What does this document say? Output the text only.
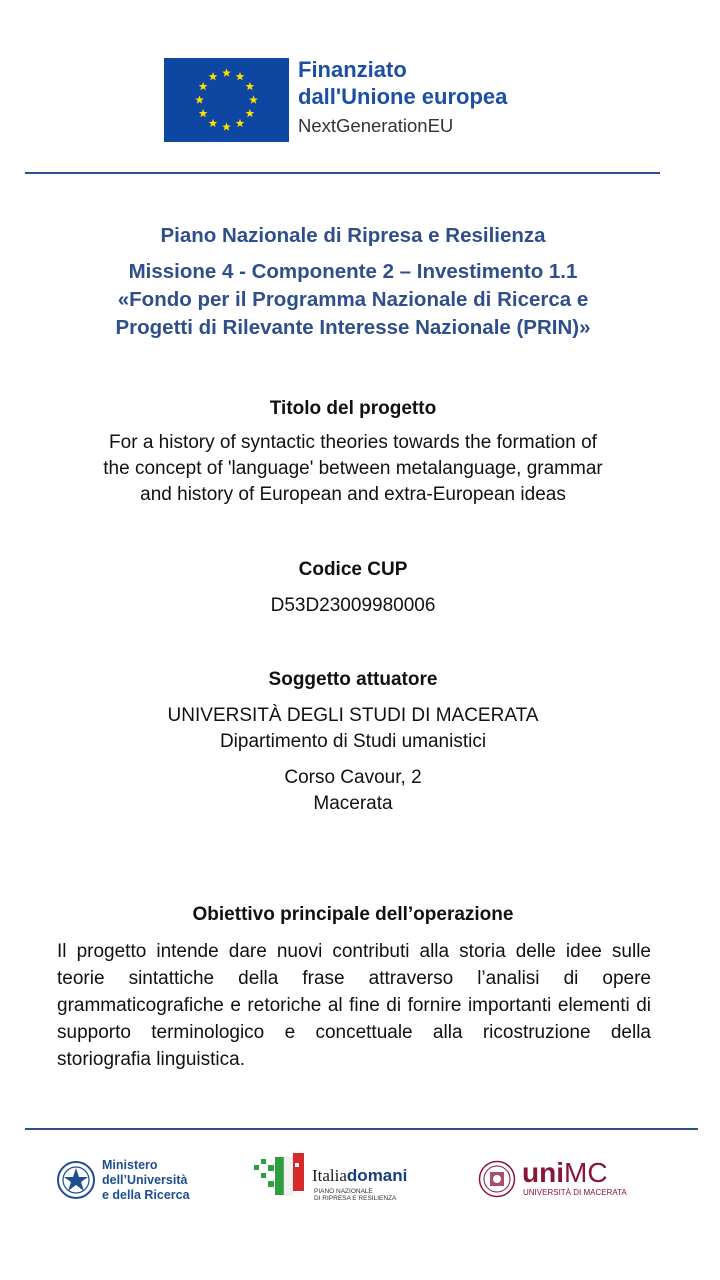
Finanziato
dall'Unione europea
NextGenerationEU
Piano Nazionale di Ripresa e Resilienza
Missione 4 - Componente 2 – Investimento 1.1
«Fondo per il Programma Nazionale di Ricerca e
Progetti di Rilevante Interesse Nazionale (PRIN)»
Titolo del progetto
For a history of syntactic theories towards the formation of
the concept of 'language' between metalanguage, grammar
and history of European and extra-European ideas
Codice CUP
D53D23009980006
Soggetto attuatore
UNIVERSITÀ DEGLI STUDI DI MACERATA
Dipartimento di Studi umanistici
Corso Cavour, 2
Macerata
Obiettivo principale dell’operazione
Il progetto intende dare nuovi contributi alla storia delle idee sulle teorie sintattiche della frase attraverso l’analisi di opere grammaticografiche e retoriche al fine di fornire importanti elementi di supporto terminologico e concettuale alla ricostruzione della storiografia linguistica.
Ministero
dell’Università
e della Ricerca
Italiadomani
PIANO NAZIONALE
DI RIPRESA E RESILIENZA
uniMC
UNIVERSITÀ DI MACERATA
